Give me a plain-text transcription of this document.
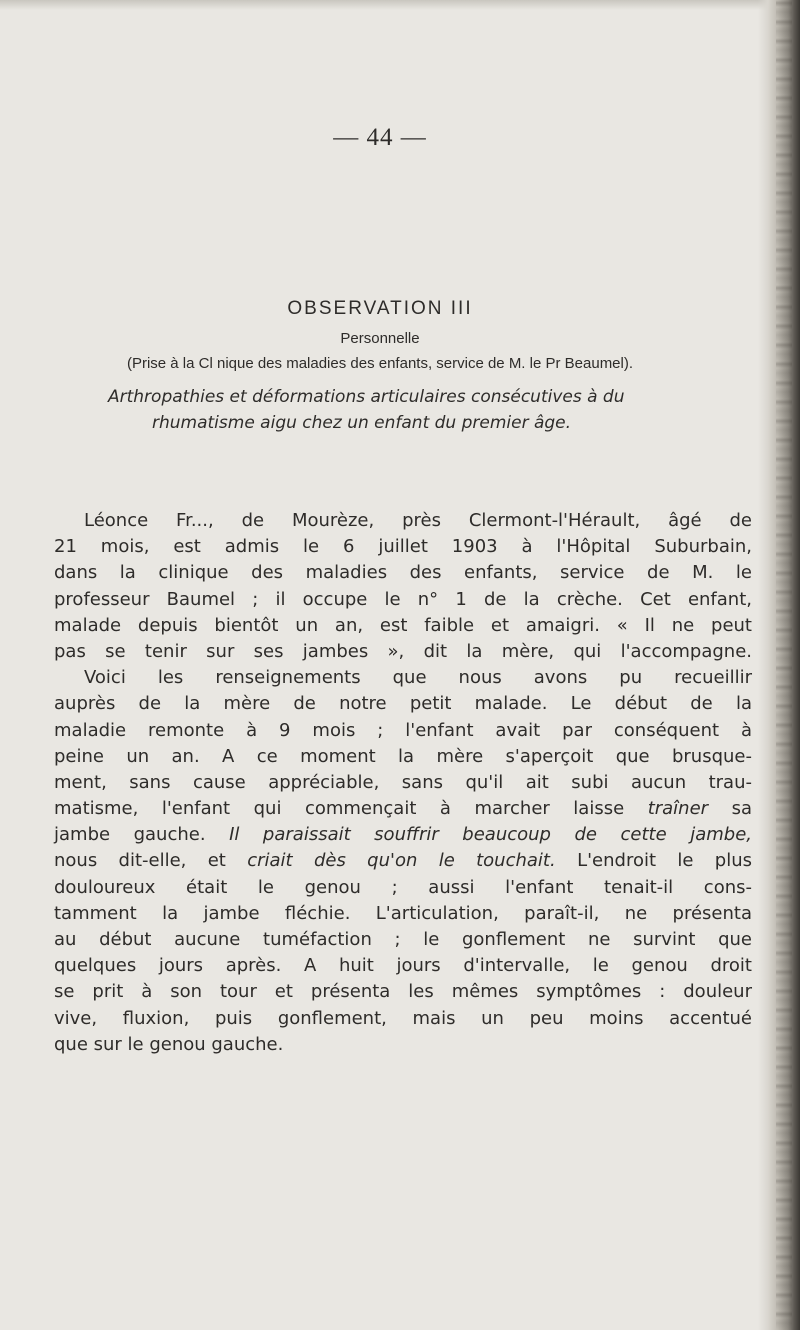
— 44 —
OBSERVATION III
Personnelle
(Prise à la Cl nique des maladies des enfants, service de M. le Pr Beaumel).
Arthropathies et déformations articulaires consécutives à du
rhumatisme aigu chez un enfant du premier âge.
Léonce Fr..., de Mourèze, près Clermont-l'Hérault, âgé de
21 mois, est admis le 6 juillet 1903 à l'Hôpital Suburbain,
dans la clinique des maladies des enfants, service de M. le
professeur Baumel ; il occupe le n° 1 de la crèche. Cet enfant,
malade depuis bientôt un an, est faible et amaigri. « Il ne peut
pas se tenir sur ses jambes », dit la mère, qui l'accompagne.
Voici les renseignements que nous avons pu recueillir
auprès de la mère de notre petit malade. Le début de la
maladie remonte à 9 mois ; l'enfant avait par conséquent à
peine un an. A ce moment la mère s'aperçoit que brusque-
ment, sans cause appréciable, sans qu'il ait subi aucun trau-
matisme, l'enfant qui commençait à marcher laisse traîner sa
jambe gauche. Il paraissait souffrir beaucoup de cette jambe,
nous dit-elle, et criait dès qu'on le touchait. L'endroit le plus
douloureux était le genou ; aussi l'enfant tenait-il cons-
tamment la jambe fléchie. L'articulation, paraît-il, ne présenta
au début aucune tuméfaction ; le gonflement ne survint que
quelques jours après. A huit jours d'intervalle, le genou droit
se prit à son tour et présenta les mêmes symptômes : douleur
vive, fluxion, puis gonflement, mais un peu moins accentué
que sur le genou gauche.
